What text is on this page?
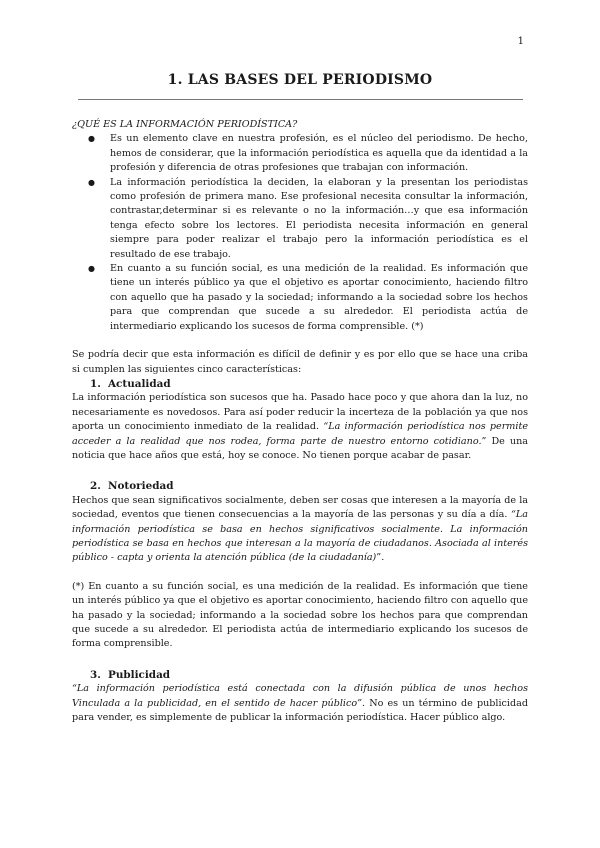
1
1. LAS BASES DEL PERIODISMO

¿QUÉ ES LA INFORMACIÓN PERIODÍSTICA?

● Es un elemento clave en nuestra profesión, es el núcleo del periodismo. De hecho, hemos de considerar, que la información periodística es aquella que da identidad a la profesión y diferencia de otras profesiones que trabajan con información.
● La información periodística la deciden, la elaboran y la presentan los periodistas como profesión de primera mano. Ese profesional necesita consultar la información, contrastar,determinar si es relevante o no la información…y que esa información tenga efecto sobre los lectores. El periodista necesita información en general siempre para poder realizar el trabajo pero la información periodística es el resultado de ese trabajo.
● En cuanto a su función social, es una medición de la realidad. Es información que tiene un interés público ya que el objetivo es aportar conocimiento, haciendo filtro con aquello que ha pasado y la sociedad; informando a la sociedad sobre los hechos para que comprendan que sucede a su alrededor. El periodista actúa de intermediario explicando los sucesos de forma comprensible. (*)

Se podría decir que esta información es difícil de definir y es por ello que se hace una criba si cumplen las siguientes cinco características:

1. Actualidad

La información periodística son sucesos que ha. Pasado hace poco y que ahora dan la luz, no necesariamente es novedosos. Para así poder reducir la incerteza de la población ya que nos aporta un conocimiento inmediato de la realidad. “La información periodística nos permite acceder a la realidad que nos rodea, forma parte de nuestro entorno cotidiano.” De una noticia que hace años que está, hoy se conoce. No tienen porque acabar de pasar.

2. Notoriedad

Hechos que sean significativos socialmente, deben ser cosas que interesen a la mayoría de la sociedad, eventos que tienen consecuencias a la mayoría de las personas y su día a día. “La información periodística se basa en hechos significativos socialmente. La información periodística se basa en hechos que interesan a la mayoría de ciudadanos. Asociada al interés público - capta y orienta la atención pública (de la ciudadanía)”.

(*) En cuanto a su función social, es una medición de la realidad. Es información que tiene un interés público ya que el objetivo es aportar conocimiento, haciendo filtro con aquello que ha pasado y la sociedad; informando a la sociedad sobre los hechos para que comprendan que sucede a su alrededor. El periodista actúa de intermediario explicando los sucesos de forma comprensible.

3. Publicidad

“La información periodística está conectada con la difusión pública de unos hechos Vinculada a la publicidad, en el sentido de hacer público”. No es un término de publicidad para vender, es simplemente de publicar la información periodística. Hacer público algo.
